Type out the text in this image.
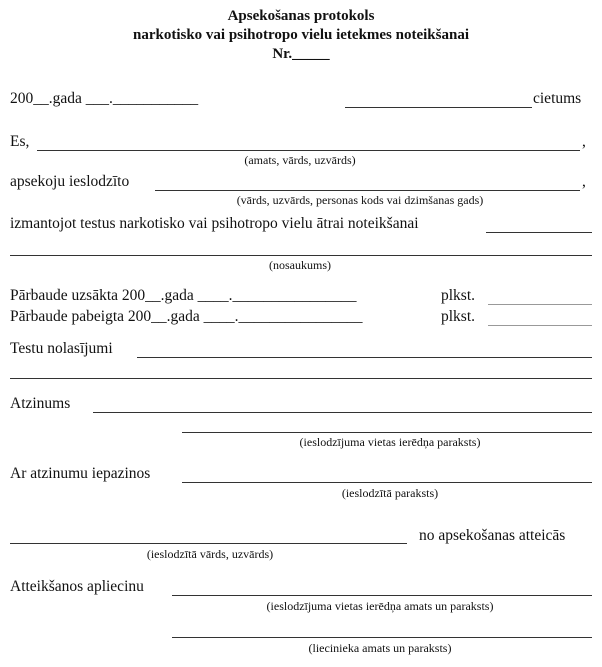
Apsekošanas protokols
narkotisko vai psihotropo vielu ietekmes noteikšanai
Nr._____
200__.gada ___.___________	cietums
Es,	,
(amats, vārds, uzvārds)
apsekoju ieslodzīto	,
(vārds, uzvārds, personas kods vai dzimšanas gads)
izmantojot testus narkotisko vai psihotropo vielu ātrai noteikšanai
(nosaukums)
Pārbaude uzsākta 200__.gada ____.________________	plkst.
Pārbaude pabeigta 200__.gada ____.________________	plkst.
Testu nolasījumi
Atzinums
(ieslodzījuma vietas ierēdņa paraksts)
Ar atzinumu iepazinos
(ieslodzītā paraksts)
no apsekošanas atteicās
(ieslodzītā vārds, uzvārds)
Atteikšanos apliecinu
(ieslodzījuma vietas ierēdņa amats un paraksts)
(liecinieka amats un paraksts)
